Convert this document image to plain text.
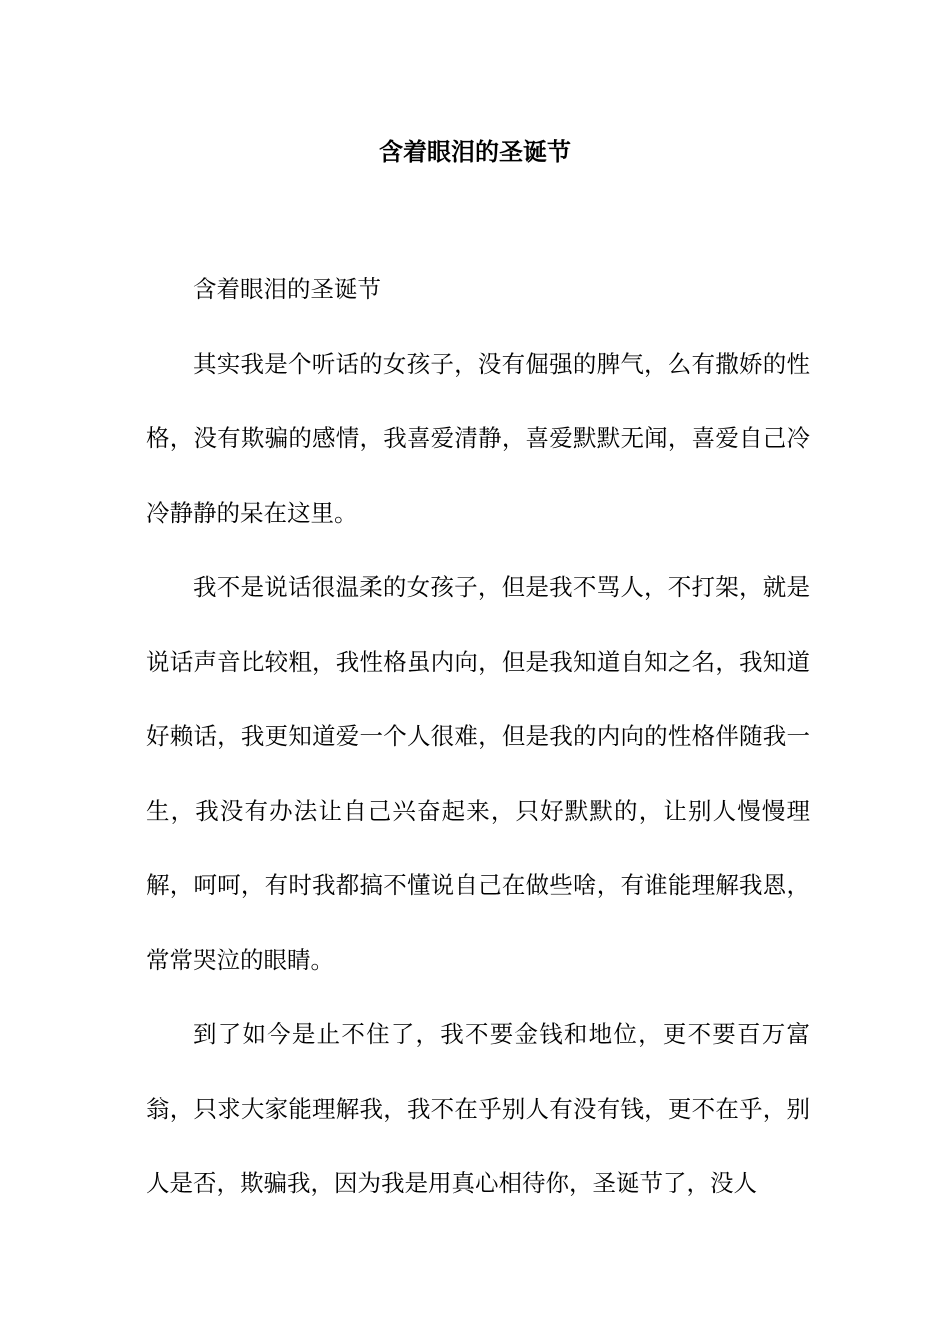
含着眼泪的圣诞节

含着眼泪的圣诞节

其实我是个听话的女孩子，没有倔强的脾气，么有撒娇的性格，没有欺骗的感情，我喜爱清静，喜爱默默无闻，喜爱自己冷冷静静的呆在这里。

我不是说话很温柔的女孩子，但是我不骂人，不打架，就是说话声音比较粗，我性格虽内向，但是我知道自知之名，我知道好赖话，我更知道爱一个人很难，但是我的内向的性格伴随我一生，我没有办法让自己兴奋起来，只好默默的，让别人慢慢理解，呵呵，有时我都搞不懂说自己在做些啥，有谁能理解我恩，常常哭泣的眼睛。

到了如今是止不住了，我不要金钱和地位，更不要百万富翁，只求大家能理解我，我不在乎别人有没有钱，更不在乎，别人是否，欺骗我，因为我是用真心相待你，圣诞节了，没人
